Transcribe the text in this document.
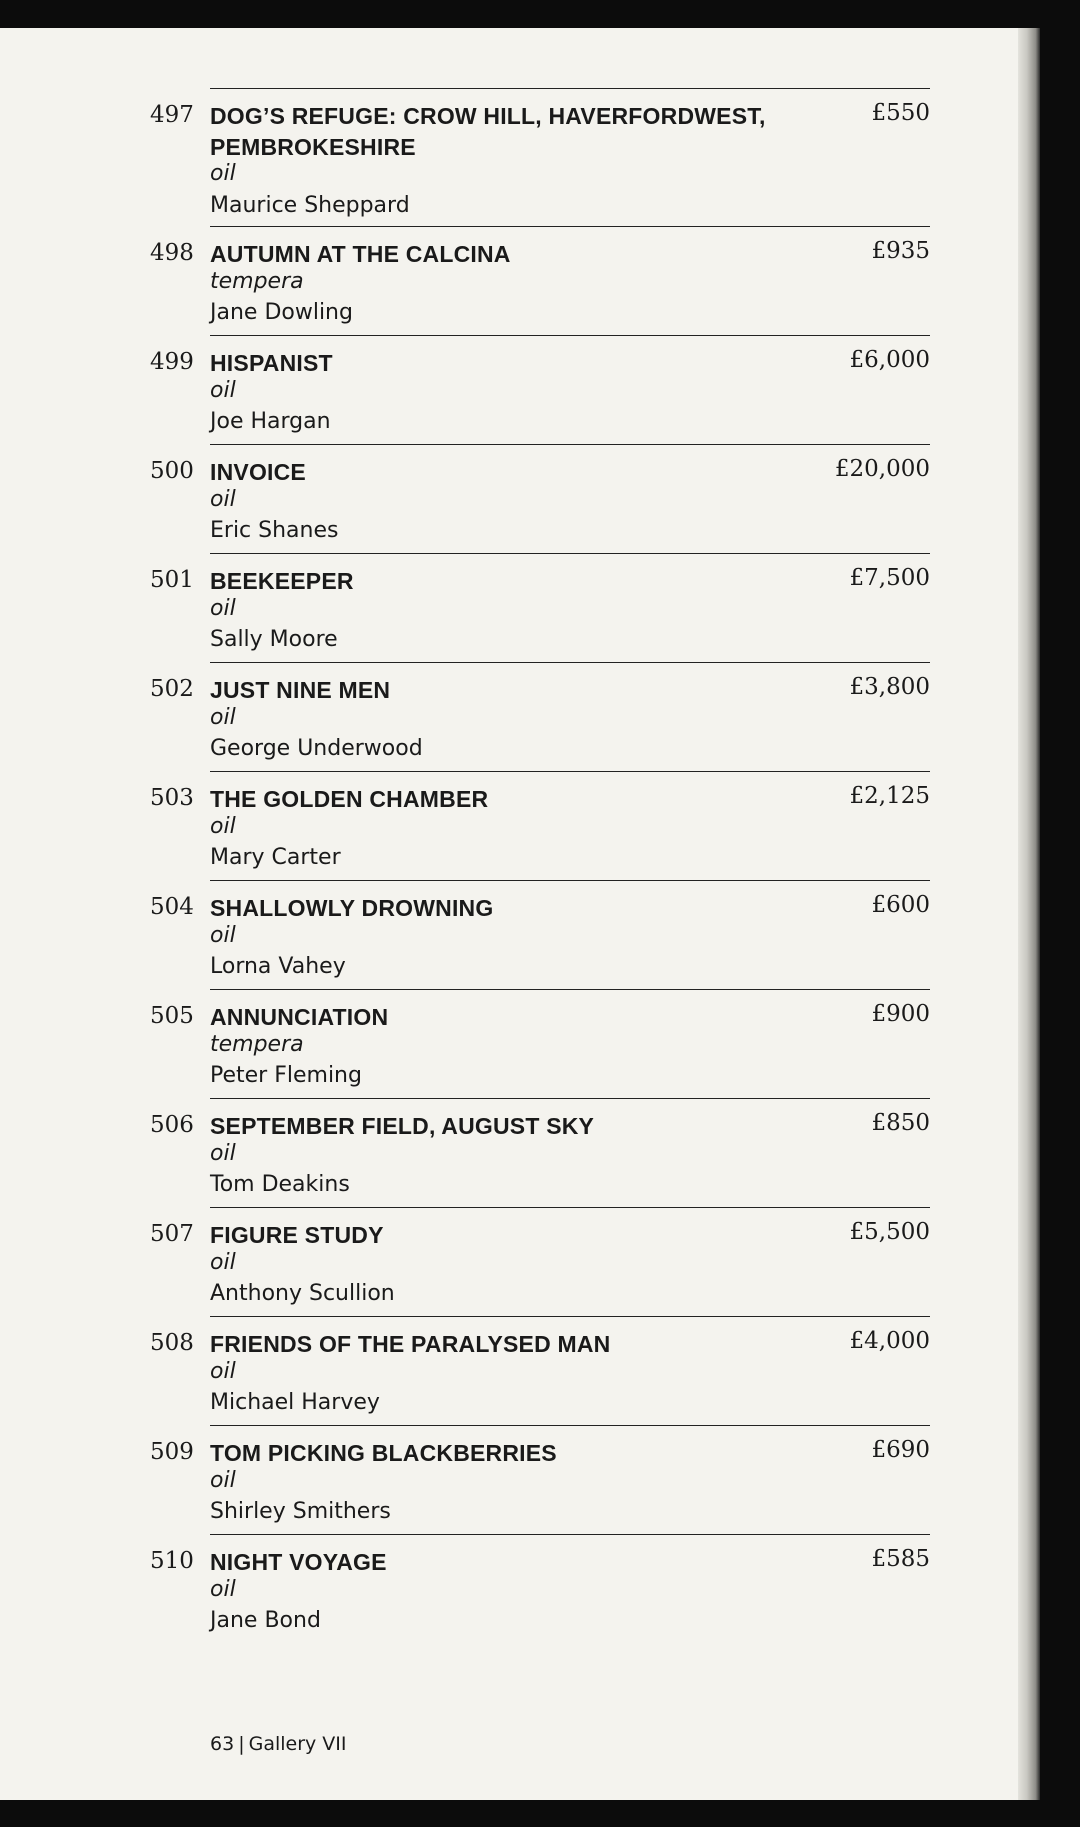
497 DOG’S REFUGE: CROW HILL, HAVERFORDWEST, PEMBROKESHIRE
oil
Maurice Sheppard
£550
498 AUTUMN AT THE CALCINA
tempera
Jane Dowling
£935
499 HISPANIST
oil
Joe Hargan
£6,000
500 INVOICE
oil
Eric Shanes
£20,000
501 BEEKEEPER
oil
Sally Moore
£7,500
502 JUST NINE MEN
oil
George Underwood
£3,800
503 THE GOLDEN CHAMBER
oil
Mary Carter
£2,125
504 SHALLOWLY DROWNING
oil
Lorna Vahey
£600
505 ANNUNCIATION
tempera
Peter Fleming
£900
506 SEPTEMBER FIELD, AUGUST SKY
oil
Tom Deakins
£850
507 FIGURE STUDY
oil
Anthony Scullion
£5,500
508 FRIENDS OF THE PARALYSED MAN
oil
Michael Harvey
£4,000
509 TOM PICKING BLACKBERRIES
oil
Shirley Smithers
£690
510 NIGHT VOYAGE
oil
Jane Bond
£585
63 | Gallery VII
